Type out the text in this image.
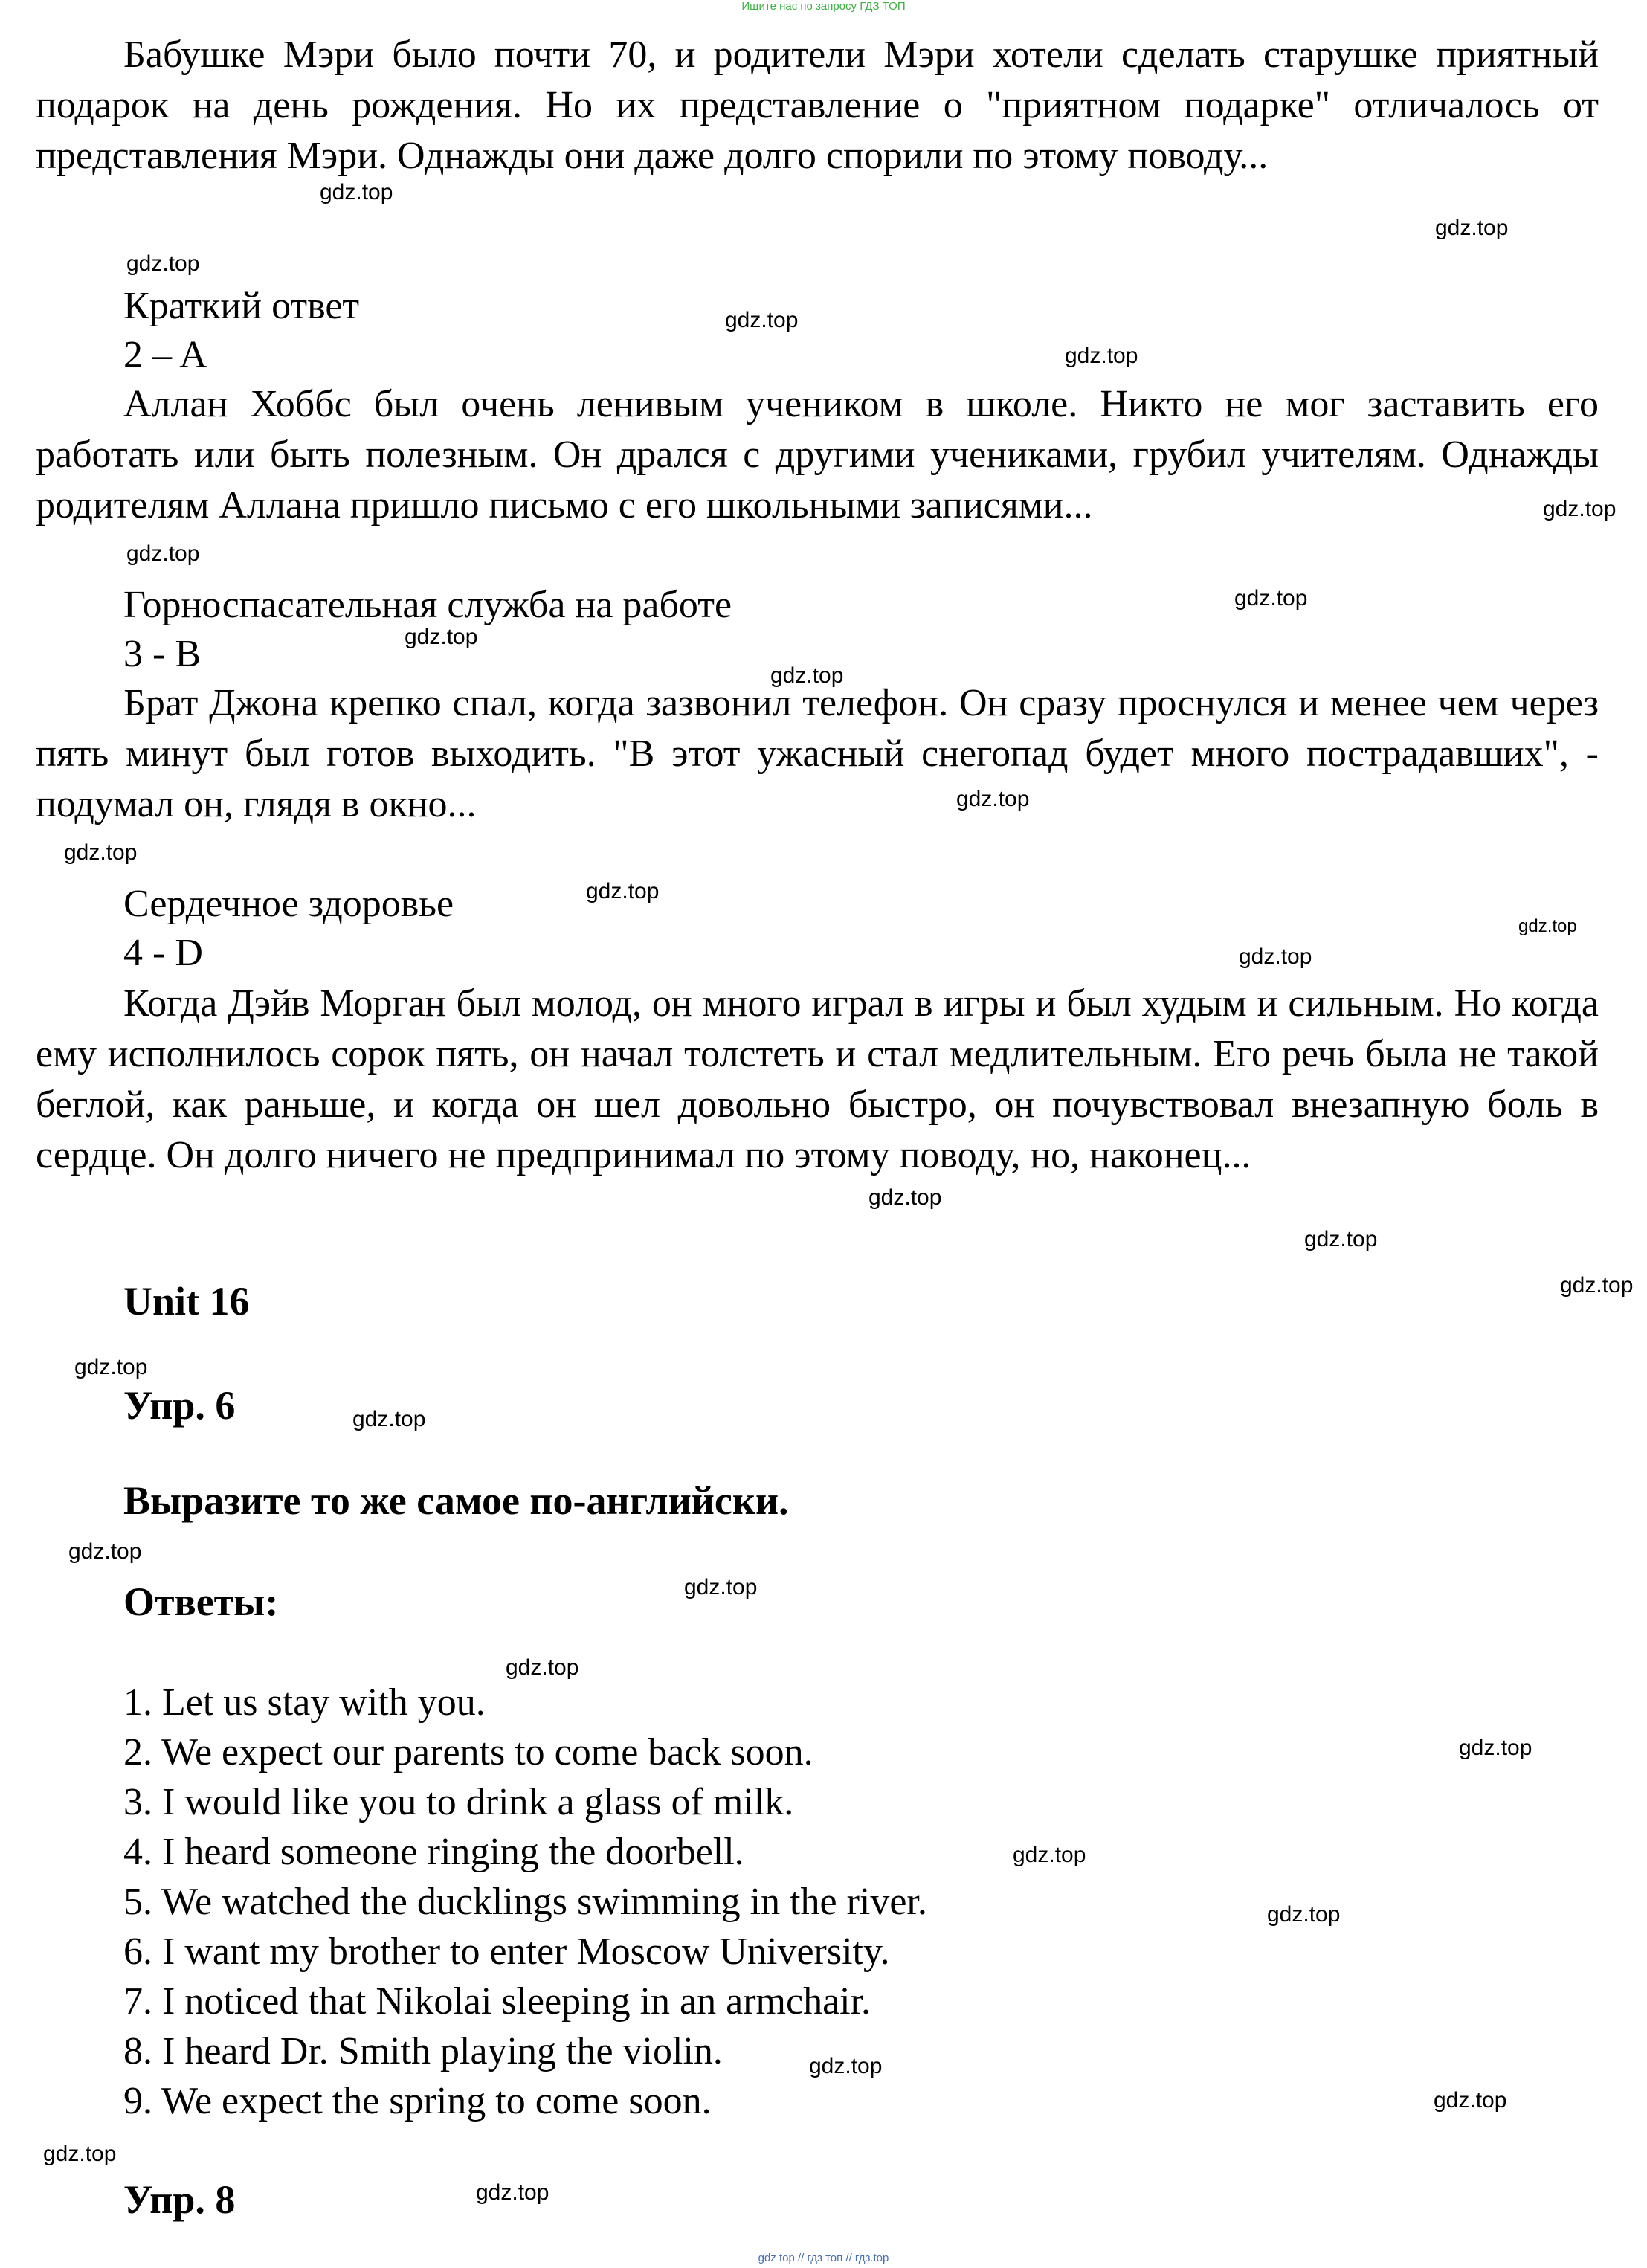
Ищите нас по запросу ГДЗ ТОП

Бабушке Мэри было почти 70, и родители Мэри хотели сделать старушке приятный подарок на день рождения. Но их представление о "приятном подарке" отличалось от представления Мэри. Однажды они даже долго спорили по этому поводу...

Краткий ответ
2 – A

Аллан Хоббс был очень ленивым учеником в школе. Никто не мог заставить его работать или быть полезным. Он дрался с другими учениками, грубил учителям. Однажды родителям Аллана пришло письмо с его школьными записями...

Горноспасательная служба на работе
3 - B

Брат Джона крепко спал, когда зазвонил телефон. Он сразу проснулся и менее чем через пять минут был готов выходить. "В этот ужасный снегопад будет много пострадавших", - подумал он, глядя в окно...

Сердечное здоровье
4 - D

Когда Дэйв Морган был молод, он много играл в игры и был худым и сильным. Но когда ему исполнилось сорок пять, он начал толстеть и стал медлительным. Его речь была не такой беглой, как раньше, и когда он шел довольно быстро, он почувствовал внезапную боль в сердце. Он долго ничего не предпринимал по этому поводу, но, наконец...

Unit 16
Упр. 6
Выразите то же самое по-английски.
Ответы:
1. Let us stay with you.
2. We expect our parents to come back soon.
3. I would like you to drink a glass of milk.
4. I heard someone ringing the doorbell.
5. We watched the ducklings swimming in the river.
6. I want my brother to enter Moscow University.
7. I noticed that Nikolai sleeping in an armchair.
8. I heard Dr. Smith playing the violin.
9. We expect the spring to come soon.
Упр. 8
gdz.top
gdz.top
gdz.top
gdz.top
gdz.top
gdz.top
gdz.top
gdz.top
gdz.top
gdz.top
gdz.top
gdz.top
gdz.top
gdz.top
gdz.top
gdz.top
gdz.top
gdz.top
gdz.top
gdz.top
gdz.top
gdz.top
gdz.top
gdz.top
gdz.top
gdz.top
gdz.top
gdz.top
gdz.top
gdz.top
gdz top // гдз топ // гдз.top
